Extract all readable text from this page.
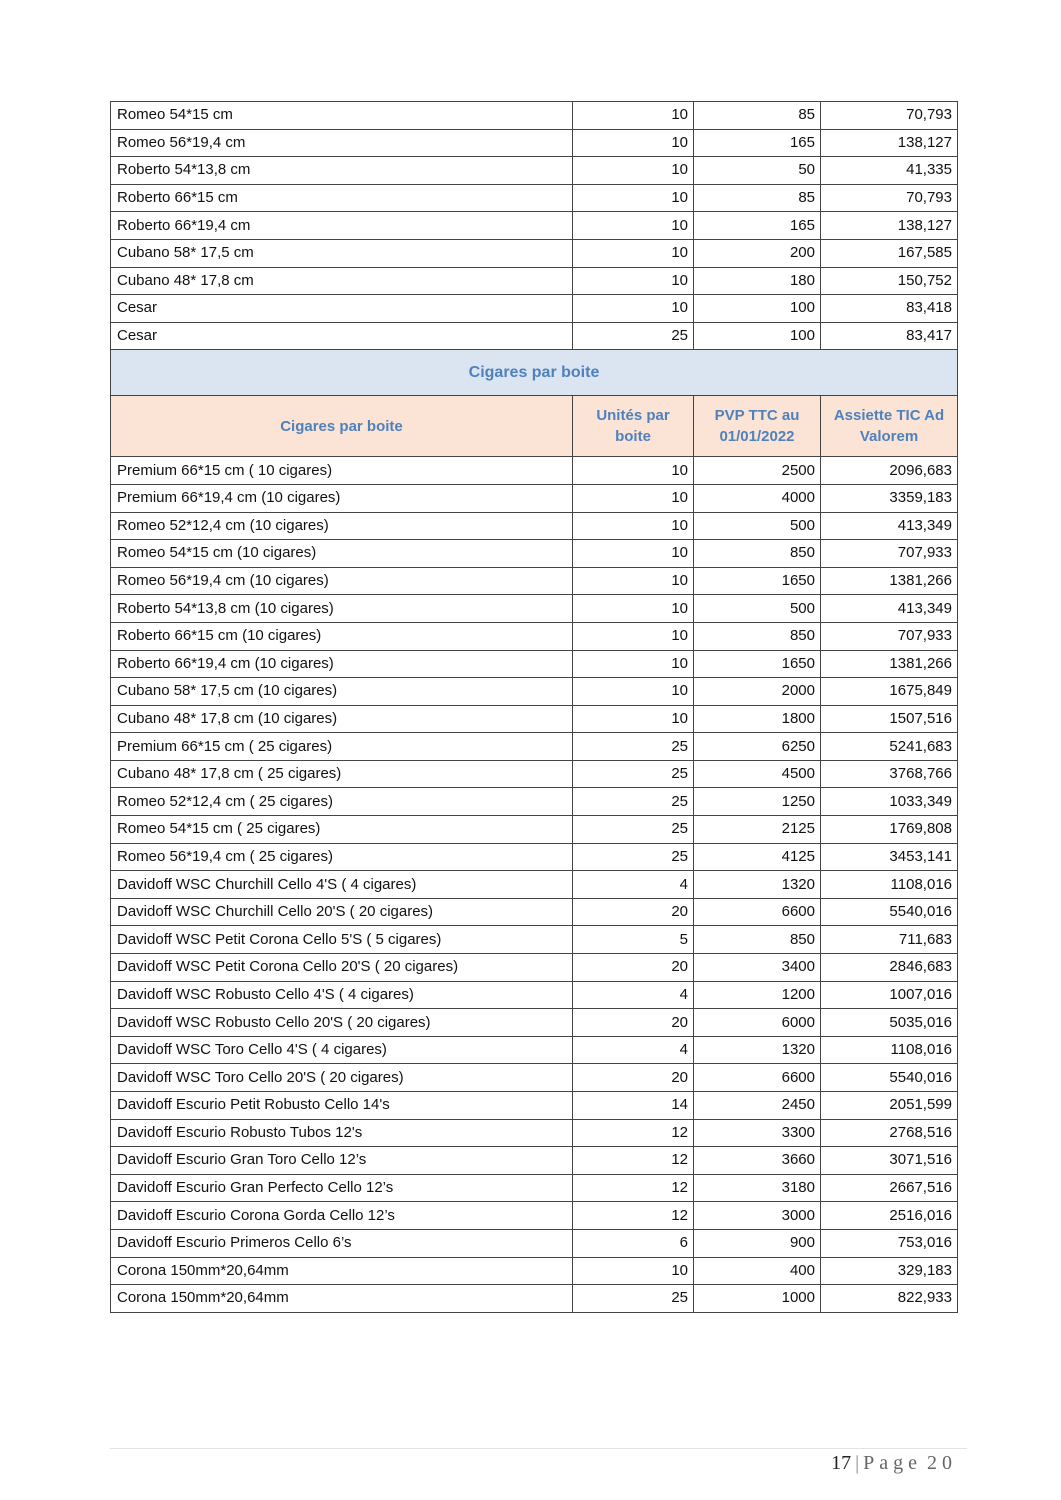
Romeo 54*15 cm	10	85	70,793
Romeo 56*19,4 cm	10	165	138,127
Roberto 54*13,8 cm	10	50	41,335
Roberto 66*15 cm	10	85	70,793
Roberto 66*19,4 cm	10	165	138,127
Cubano 58* 17,5 cm	10	200	167,585
Cubano 48* 17,8 cm	10	180	150,752
Cesar	10	100	83,418
Cesar	25	100	83,417
Cigares par boite			
Cigares par boite	Unités par boite	PVP TTC au 01/01/2022	Assiette TIC Ad Valorem
Premium 66*15 cm ( 10 cigares)	10	2500	2096,683
Premium 66*19,4 cm (10 cigares)	10	4000	3359,183
Romeo 52*12,4 cm (10 cigares)	10	500	413,349
Romeo 54*15 cm (10 cigares)	10	850	707,933
Romeo 56*19,4 cm (10 cigares)	10	1650	1381,266
Roberto 54*13,8 cm (10 cigares)	10	500	413,349
Roberto 66*15 cm (10 cigares)	10	850	707,933
Roberto 66*19,4 cm (10 cigares)	10	1650	1381,266
Cubano 58* 17,5 cm (10 cigares)	10	2000	1675,849
Cubano 48* 17,8 cm (10 cigares)	10	1800	1507,516
Premium 66*15 cm ( 25 cigares)	25	6250	5241,683
Cubano 48* 17,8 cm ( 25 cigares)	25	4500	3768,766
Romeo 52*12,4 cm ( 25 cigares)	25	1250	1033,349
Romeo 54*15 cm ( 25 cigares)	25	2125	1769,808
Romeo 56*19,4 cm ( 25 cigares)	25	4125	3453,141
Davidoff WSC Churchill Cello 4'S ( 4 cigares)	4	1320	1108,016
Davidoff WSC Churchill Cello 20'S ( 20 cigares)	20	6600	5540,016
Davidoff WSC Petit Corona Cello 5'S ( 5 cigares)	5	850	711,683
Davidoff WSC Petit Corona Cello 20'S ( 20 cigares)	20	3400	2846,683
Davidoff WSC Robusto Cello 4'S ( 4 cigares)	4	1200	1007,016
Davidoff WSC Robusto Cello 20'S ( 20 cigares)	20	6000	5035,016
Davidoff WSC Toro Cello 4'S ( 4 cigares)	4	1320	1108,016
Davidoff WSC Toro Cello 20'S ( 20 cigares)	20	6600	5540,016
Davidoff Escurio Petit Robusto Cello 14's	14	2450	2051,599
Davidoff Escurio Robusto Tubos 12's	12	3300	2768,516
Davidoff Escurio Gran Toro Cello 12’s	12	3660	3071,516
Davidoff Escurio Gran Perfecto Cello 12’s	12	3180	2667,516
Davidoff Escurio Corona Gorda Cello 12’s	12	3000	2516,016
Davidoff Escurio Primeros Cello 6’s	6	900	753,016
Corona 150mm*20,64mm	10	400	329,183
Corona 150mm*20,64mm	25	1000	822,933
17 | Page 20
